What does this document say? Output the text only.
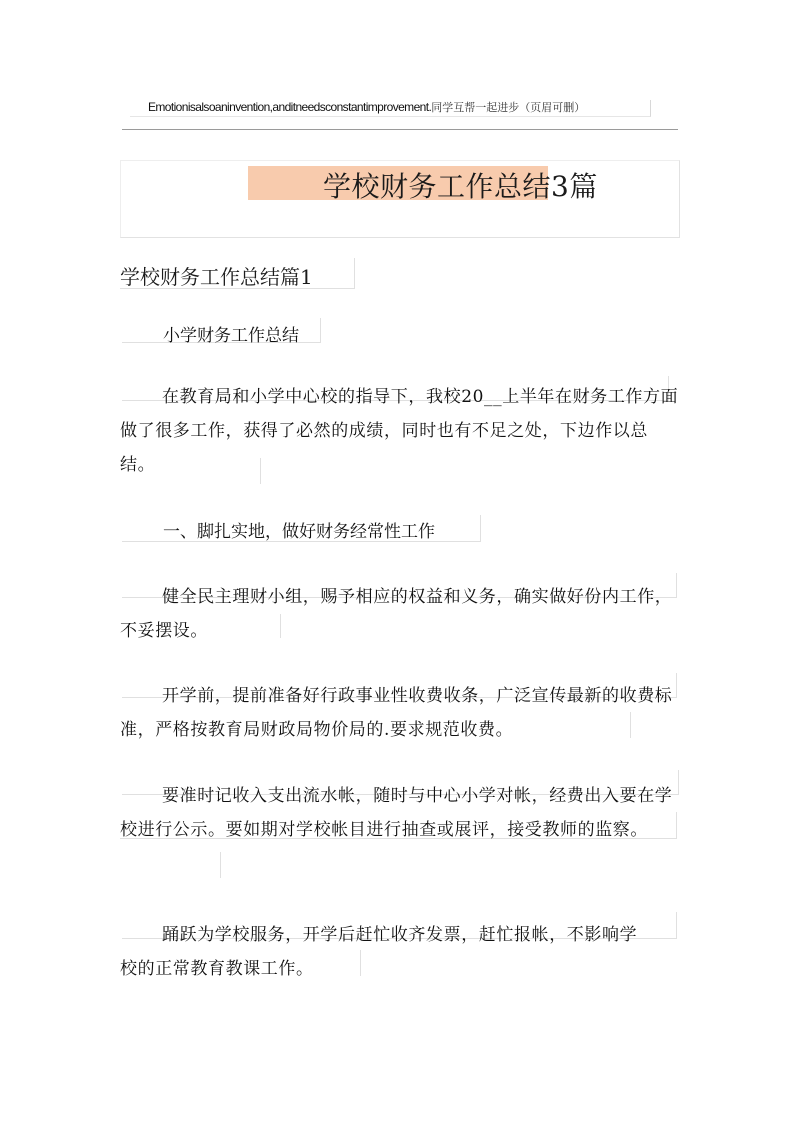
Emotionisalsoaninvention,anditneedsconstantimprovement.同学互帮一起进步（页眉可删）
学校财务工作总结3篇
学校财务工作总结篇1
小学财务工作总结
在教育局和小学中心校的指导下，我校20__上半年在财务工作方面做了很多工作，获得了必然的成绩，同时也有不足之处，下边作以总结。
一、脚扎实地，做好财务经常性工作
健全民主理财小组，赐予相应的权益和义务，确实做好份内工作，不妥摆设。
开学前，提前准备好行政事业性收费收条，广泛宣传最新的收费标准，严格按教育局财政局物价局的.要求规范收费。
要准时记收入支出流水帐，随时与中心小学对帐，经费出入要在学校进行公示。要如期对学校帐目进行抽查或展评，接受教师的监察。
踊跃为学校服务，开学后赶忙收齐发票，赶忙报帐，不影响学校的正常教育教课工作。
